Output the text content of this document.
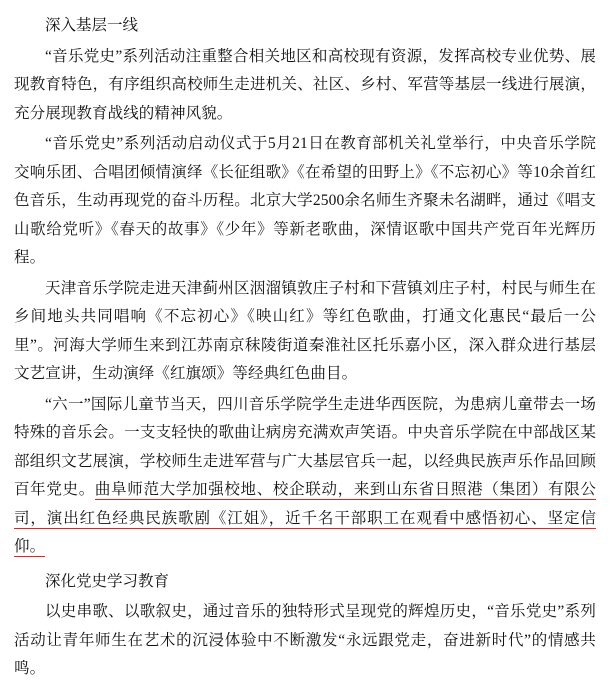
深入基层一线

“音乐党史”系列活动注重整合相关地区和高校现有资源，发挥高校专业优势、展现教育特色，有序组织高校师生走进机关、社区、乡村、军营等基层一线进行展演，充分展现教育战线的精神风貌。

“音乐党史”系列活动启动仪式于5月21日在教育部机关礼堂举行，中央音乐学院交响乐团、合唱团倾情演绎《长征组歌》《在希望的田野上》《不忘初心》等10余首红色音乐，生动再现党的奋斗历程。北京大学2500余名师生齐聚未名湖畔，通过《唱支山歌给党听》《春天的故事》《少年》等新老歌曲，深情讴歌中国共产党百年光辉历程。

天津音乐学院走进天津蓟州区洇溜镇敦庄子村和下营镇刘庄子村，村民与师生在乡间地头共同唱响《不忘初心》《映山红》等红色歌曲，打通文化惠民“最后一公里”。河海大学师生来到江苏南京秣陵街道秦淮社区托乐嘉小区，深入群众进行基层文艺宣讲，生动演绎《红旗颂》等经典红色曲目。

“六一”国际儿童节当天，四川音乐学院学生走进华西医院，为患病儿童带去一场特殊的音乐会。一支支轻快的歌曲让病房充满欢声笑语。中央音乐学院在中部战区某部组织文艺展演，学校师生走进军营与广大基层官兵一起，以经典民族声乐作品回顾百年党史。曲阜师范大学加强校地、校企联动，来到山东省日照港（集团）有限公司，演出红色经典民族歌剧《江姐》，近千名干部职工在观看中感悟初心、坚定信仰。

深化党史学习教育

以史串歌、以歌叙史，通过音乐的独特形式呈现党的辉煌历史，“音乐党史”系列活动让青年师生在艺术的沉浸体验中不断激发“永远跟党走，奋进新时代”的情感共鸣。
